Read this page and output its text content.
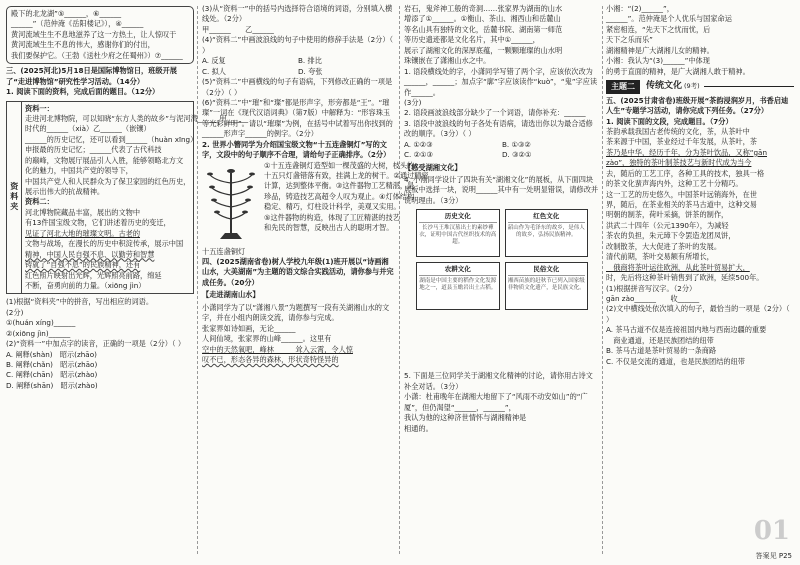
殿下的北龙湖”⑤______，⑥______

______”（范仲淹《岳阳楼记》），④______

黄河流域生生不息地滋养了这一方热土，让人惊叹于

黄河流域生生不息的伟大，感谢你们的付出，

我们要保护它。（王勃《送杜少府之任蜀州》）⑦______

三、(2025河北)5月18日是国际博物馆日，班级开展了“走进博物馆”研究性学习活动。（14分）

1. 阅读下面的资料，完成后面的题目。（12分）

资料夹

资料一：

走进河北博物院，可以知晓“东方人类的故乡”与泥河湾______甲______

时代的______（xià）乙______（嵌镶）

______的历史记忆，还可以看到______（huàn xīng）

申报最的历史记忆；______代表了古代科技

的巅峰，文物展厅展品引人入胜，能够领略北方文

化的魅力，中国共产党的领导下，

中国共产党人和人民群众为了保卫家园的红色历史，

展示出伟大的抗战精神。

资料二：

河北博物院藏品丰富，展出的文物中

有13件国宝级文物，它们讲述着历史的变迁，

见证了河北大地的璀璨文明。古老的

文物与战场，在漫长的历史中积淀传承，展示中国

精神，中国人民自强不息、以勤劳和智慧

铸就了“自强不息”的民族精神，还有

红色照片映射出光辉，光辉照亮前路，绵延

不断，奋勇向前的力量。（xiōng jìn）

(1)根据“资料夹”中的拼音，写出相应的词语。

(2分)

①(huán xíng)______

②(xiōng jìn)______

(2)“资料一”中加点字的读音，正确的一项是（2分）（ ）

A. 阐释(shàn)　昭示(zhāo)

B. 阐释(chǎn)　昭示(zhāo)

C. 阐释(chān)　昭示(zhào)

D. 阐释(shān)　昭示(zhào)

(3)从“资料一”中的括号内选择符合语境的词语，分别填入横线处。（2分）

甲______　　乙______

(4)“资料二”中画波浪线的句子中使用的修辞手法是（2分）（ ）

A. 反复	B. 排比
C. 拟人	D. 夸张

(5)“资料二”中画横线的句子有语病，下列修改正确的一项是（2分）（ ）

(6)“资料二”中“璀”和“璨”都是形声字，形旁都是“王”。“璀璨”一词在《现代汉语词典》（第7版）中解释为：“形容珠玉等光彩鲜明”。请以“璀璨”为例，在括号中试着写出你找到的______形声字______的例字。（2分）

2. 世界小簪同学为介绍国宝级文物“十五连盏铜灯”写的文字，文段中的句子顺序不合理，请给句子正确排序。（2分）

①十五连盏铜灯造型如一棵茂盛的大树，枝头的

十五只灯盏错落有致，挂满上龙的树干。②通过精密

计算，达到整体平衡。③这件器物工艺精湛，是

珍品，铸造技艺高超令人叹为观止。④灯体结构

稳定、精巧，灯柱设计科学，美观又实用。

⑤这件器物的构造，体现了工匠精湛的技艺

和先民的智慧，反映出古人的聪明才智。

十五连盏铜灯

四、(2025湖南省卷)树人学校九年级(1)班开展以“诗画湘山水，大美湖南”为主题的语文综合实践活动，请你参与并完成任务。（20分）

【走进湖南山水】

小潇同学为了以“潇湘八景”为题撰写一段有关湖湘山水的文字，并在小组内朗读交流，请你参与完成。

张家界如诗如画，无论______

人间仙境，张家界的山峰______。这里有

空中的天然氧吧，峰林______耸入云霄，令人惊

叹不已，形态各异的森林，形状奇特怪异的

岩石，鬼斧神工般的奇洞……张家界为湖南的山水

增添了①______。①衡山、茶山、湘西山和岳麓山

等名山具有独特的文化，岳麓书院、湖南第一师范

等历史遗迹都是文化名片，其中①______，

展示了湖湘文化的深厚底蕴，一颗颗璀璨的山水明

珠镶嵌在了潇湘山水之中。

1. 语段横线处的字，小潇同学写错了两个字，应该依次改为______，______；加点字“廓”字应该读作“kuò”，“鬼”字应读作______。

(3分)

2. 语段画波浪线部分缺少了一个词语，请你补充：______

3. 语段中波浪线的句子各处有语病，请选出你以为最合适修改的顺序。（3分）（ ）

A. ①②③	B. ①③②
C. ②①③	D. ③②①

【感受湖湘文化】

4. 小刚同学设计了四块有关“湖湘文化”的展板，从下面四块展板中选择一块，说明______其中有一处明显错误，请修改并说明理由。（3分）

历史文化
长沙马王堆汉墓出土的素纱襌衣，证明中国古代丝织技术的高超。
红色文化
韶山作为毛泽东的故乡，是伟人的故乡，弘扬民族精神。
农耕文化
湖南是中国主要的稻作文化发源地之一，道县玉蟾岩出土古稻。
民俗文化
湘西苗族的赶秋节已列入国家级非物质文化遗产，是民族文化。

5. 下面是三位同学关于湖湘文化精神的讨论，请你用古诗文补全对话。（3分）

小潇：杜甫晚年在湖湘大地留下了“风雨不动安如山”的“广

厦”，但仍渴望“______，______”，

我认为他的这种济世情怀与湖湘精神是

相通的。

小湘：“(2)______”，

______”。范仲淹是个人优乐与国家命运

紧密相连，“先天下之忧而忧，后

天下之乐而乐”

湖湘精神是广大湖湘儿女的精神。

小湘：我认为“(3)______”中体现

的勇于直面的精神，是广大湖湘人敢于精神。

主题二	传统文化 (9考)

五、(2025甘肃省卷)班级开展“茶韵浸润岁月，书香启迪人生”专题学习活动，请你完成下列任务。（27分）

1. 阅读下面的文段，完成题目。（7分）

茶韵承载我国古老传统的文化，茶，从茶叶中

茶来源于中国，茶业经过千年发展，从茶叶，茶

茶乃是中华，经历千年，分为茶叶饮品，又称“ɡān

zào”，独特的茶叶制茶技艺与新时代成为当今

去，随后的工艺工序，各种工具的技术，独具一格

的茶文化蜚声海内外，这种工艺十分精巧。

这一工艺的历史悠久，中国茶叶远销海外，在世

界，随后，在茶业相关的茶马古道中，这种交易

明朝的制茶，荷叶采摘，饼茶的制作，

洪武二十四年（公元1390年），为减轻

茶农的负担，朱元璋下令罢造龙团凤饼，

改制散茶，大大促进了茶叶的发展。

清代前期，茶叶交易额有所增长，

　俄商将茶叶运往欧洲，从此茶叶贸易扩大，

时，先后将这种茶叶销售到了欧洲，延续500年。

(1)根据拼音写汉字。（2分）

gān zào______　　收______

(2)文中横线处依次填入的句子，最恰当的一项是（2分）（ ）

A. 茶马古道不仅是连接祖国内地与西南边疆的重要

　商业通道，还是民族团结的纽带

B. 茶马古道是茶叶贸易的一条商路

C. 不仅是交流的通道，也是民族团结的纽带

01
答案见 P25
